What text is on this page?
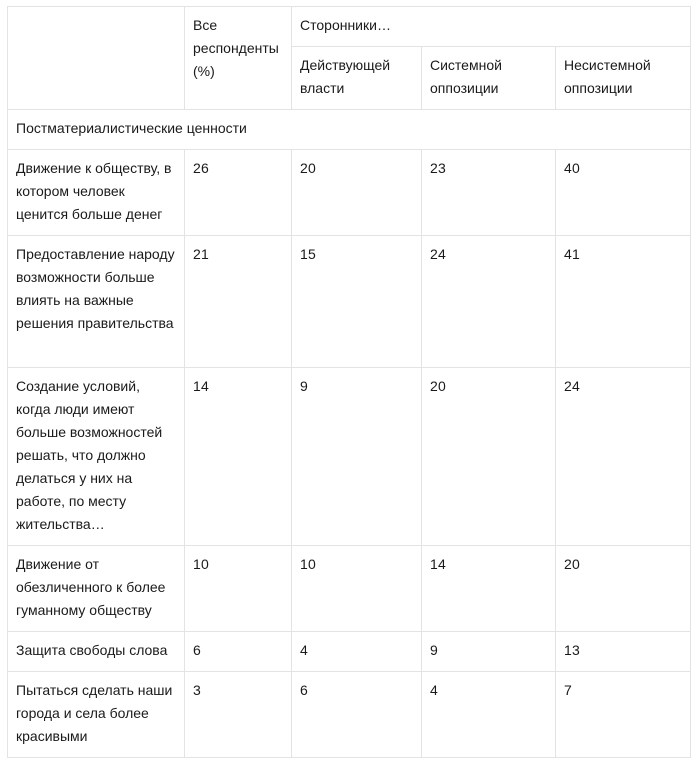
	Все респонденты (%)	Сторонники…		
		Действующей власти	Системной оппозиции	Несистемной оппозиции
Постматериалистические ценности				
Движение к обществу, в котором человек ценится больше денег	26	20	23	40
Предоставление народу возможности больше влиять на важные решения правительства	21	15	24	41
Создание условий, когда люди имеют больше возможностей решать, что должно делаться у них на работе, по месту жительства…	14	9	20	24
Движение от обезличенного к более гуманному обществу	10	10	14	20
Защита свободы слова	6	4	9	13
Пытаться сделать наши города и села более красивыми	3	6	4	7
